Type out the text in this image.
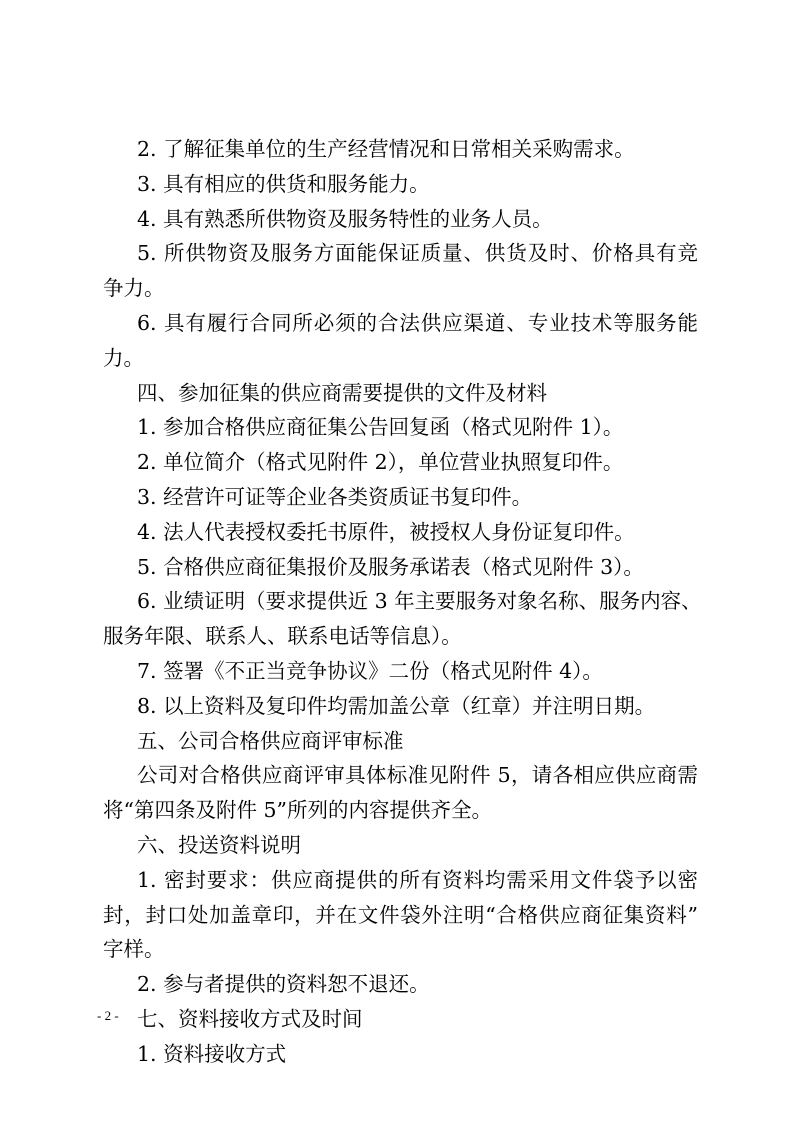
2. 了解征集单位的生产经营情况和日常相关采购需求。
3. 具有相应的供货和服务能力。
4. 具有熟悉所供物资及服务特性的业务人员。
5. 所供物资及服务方面能保证质量、供货及时、价格具有竞
争力。
6. 具有履行合同所必须的合法供应渠道、专业技术等服务能
力。
四、参加征集的供应商需要提供的文件及材料
1. 参加合格供应商征集公告回复函（格式见附件 1）。
2. 单位简介（格式见附件 2），单位营业执照复印件。
3. 经营许可证等企业各类资质证书复印件。
4. 法人代表授权委托书原件，被授权人身份证复印件。
5. 合格供应商征集报价及服务承诺表（格式见附件 3）。
6. 业绩证明（要求提供近 3 年主要服务对象名称、服务内容、
服务年限、联系人、联系电话等信息）。
7. 签署《不正当竞争协议》二份（格式见附件 4）。
8. 以上资料及复印件均需加盖公章（红章）并注明日期。
五、公司合格供应商评审标准
公司对合格供应商评审具体标准见附件 5，请各相应供应商需
将“第四条及附件 5”所列的内容提供齐全。
六、投送资料说明
1. 密封要求：供应商提供的所有资料均需采用文件袋予以密
封，封口处加盖章印，并在文件袋外注明“合格供应商征集资料”
字样。
2. 参与者提供的资料恕不退还。
七、资料接收方式及时间
1. 资料接收方式
- 2 -
